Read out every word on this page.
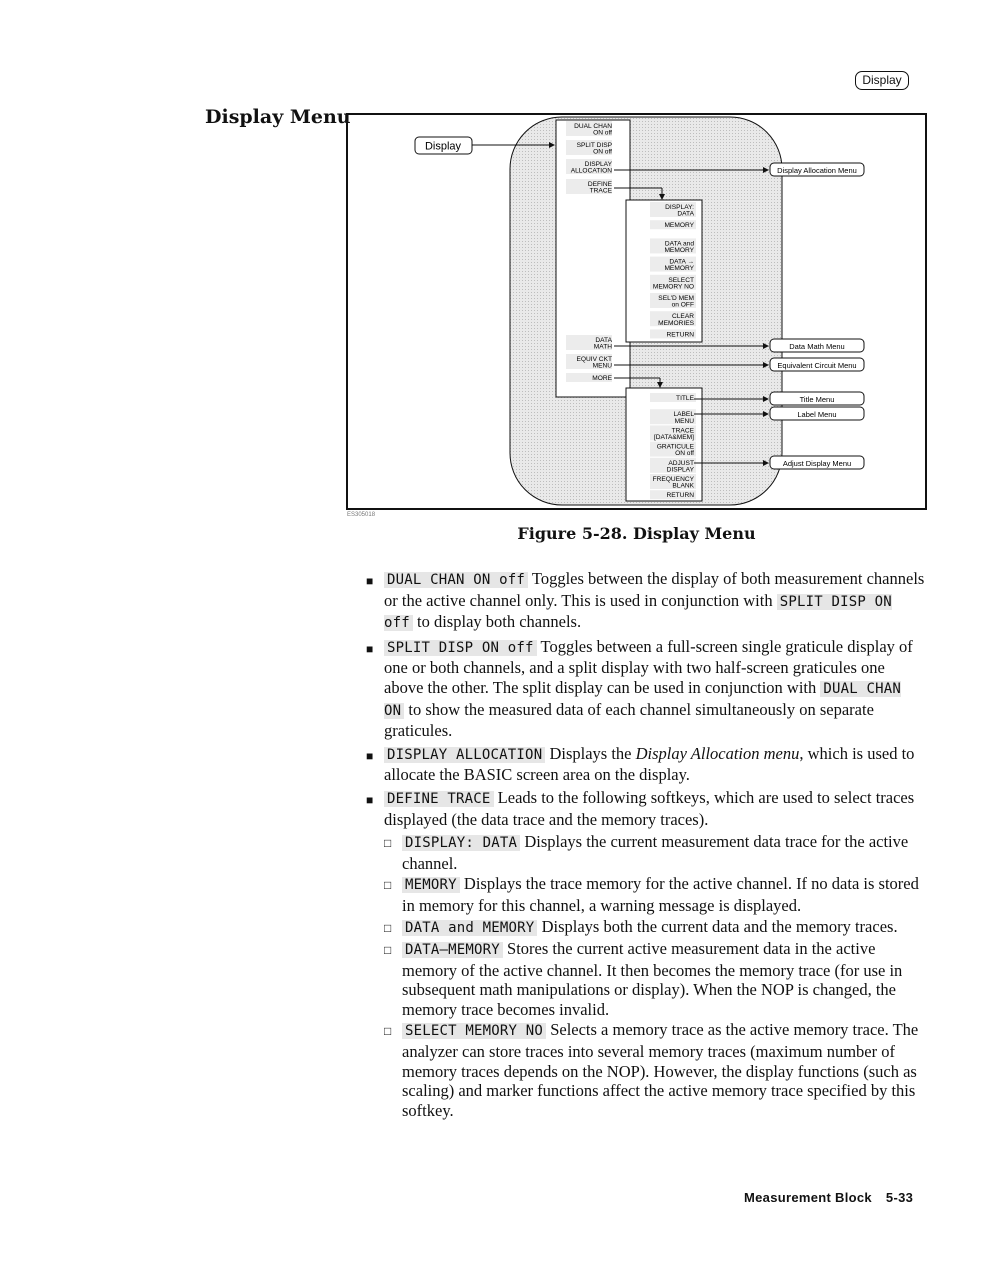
Display
Display Menu
Display
DUAL CHAN
ON off
SPLIT DISP
ON off
DISPLAY
ALLOCATION
DEFINE
TRACE
DATA
MATH
EQUIV CKT
MENU
MORE
DISPLAY:
DATA
MEMORY
DATA and
MEMORY
DATA →
MEMORY
SELECT
MEMORY NO
SEL'D MEM
on OFF
CLEAR
MEMORIES
RETURN
TITLE
LABEL
MENU
TRACE
[DATA&MEM]
GRATICULE
ON off
ADJUST
DISPLAY
FREQUENCY
BLANK
RETURN
Display Allocation Menu
Data Math Menu
Equivalent Circuit Menu
Title Menu
Label Menu
Adjust Display Menu
ES305018
Figure 5-28. Display Menu
■ DUAL CHAN ON off Toggles between the display of both measurement channels or the active channel only. This is used in conjunction with SPLIT DISP ON off to display both channels.
■ SPLIT DISP ON off Toggles between a full-screen single graticule display of one or both channels, and a split display with two half-screen graticules one above the other. The split display can be used in conjunction with DUAL CHAN ON to show the measured data of each channel simultaneously on separate graticules.
■ DISPLAY ALLOCATION Displays the Display Allocation menu, which is used to allocate the BASIC screen area on the display.
■ DEFINE TRACE Leads to the following softkeys, which are used to select traces displayed (the data trace and the memory traces).
□ DISPLAY: DATA Displays the current measurement data trace for the active channel.
□ MEMORY Displays the trace memory for the active channel. If no data is stored in memory for this channel, a warning message is displayed.
□ DATA and MEMORY Displays both the current data and the memory traces.
□ DATA—MEMORY Stores the current active measurement data in the active memory of the active channel. It then becomes the memory trace (for use in subsequent math manipulations or display). When the NOP is changed, the memory trace becomes invalid.
□ SELECT MEMORY NO Selects a memory trace as the active memory trace. The analyzer can store traces into several memory traces (maximum number of memory traces depends on the NOP). However, the display functions (such as scaling) and marker functions affect the active memory trace specified by this softkey.
Measurement Block 5-33
